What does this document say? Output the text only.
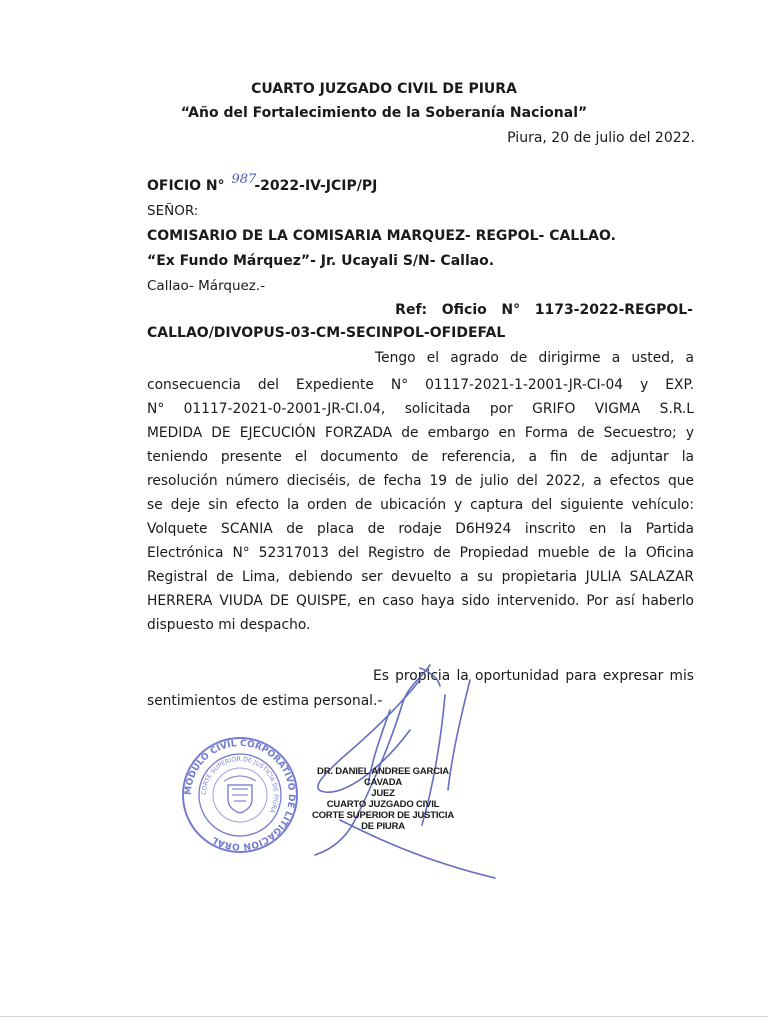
CUARTO JUZGADO CIVIL DE PIURA
“Año del Fortalecimiento de la Soberanía Nacional”
Piura, 20 de julio del 2022.
OFICIO N° 987-2022-IV-JCIP/PJ
SEÑOR:
COMISARIO DE LA COMISARIA MARQUEZ- REGPOL- CALLAO.
“Ex Fundo Márquez”- Jr. Ucayali S/N- Callao.
Callao- Márquez.-
Ref:   Oficio   N°   1173-2022-REGPOL-
CALLAO/DIVOPUS-03-CM-SECINPOL-OFIDEFAL
Tengo el agrado de dirigirme a usted, a
consecuencia del Expediente N° 01117-2021-1-2001-JR-CI-04 y EXP.
N° 01117-2021-0-2001-JR-CI.04, solicitada por GRIFO VIGMA S.R.L
MEDIDA DE EJECUCIÓN FORZADA de embargo en Forma de Secuestro; y
teniendo presente el documento de referencia, a fin de adjuntar la
resolución número dieciséis, de fecha 19 de julio del 2022, a efectos que
se deje sin efecto la orden de ubicación y captura del siguiente vehículo:
Volquete SCANIA de placa de rodaje D6H924 inscrito en la Partida
Electrónica N° 52317013 del Registro de Propiedad mueble de la Oficina
Registral de Lima, debiendo ser devuelto a su propietaria JULIA SALAZAR
HERRERA VIUDA DE QUISPE, en caso haya sido intervenido. Por así haberlo
dispuesto mi despacho.
Es propicia la oportunidad para expresar mis
sentimientos de estima personal.-
MÓDULO CIVIL CORPORATIVO DE LITIGACIÓN ORAL
CORTE SUPERIOR DE JUSTICIA DE PIURA
DR. DANIEL ANDREE GARCIA CAVADA
JUEZ
CUARTO JUZGADO CIVIL
CORTE SUPERIOR DE JUSTICIA DE PIURA
